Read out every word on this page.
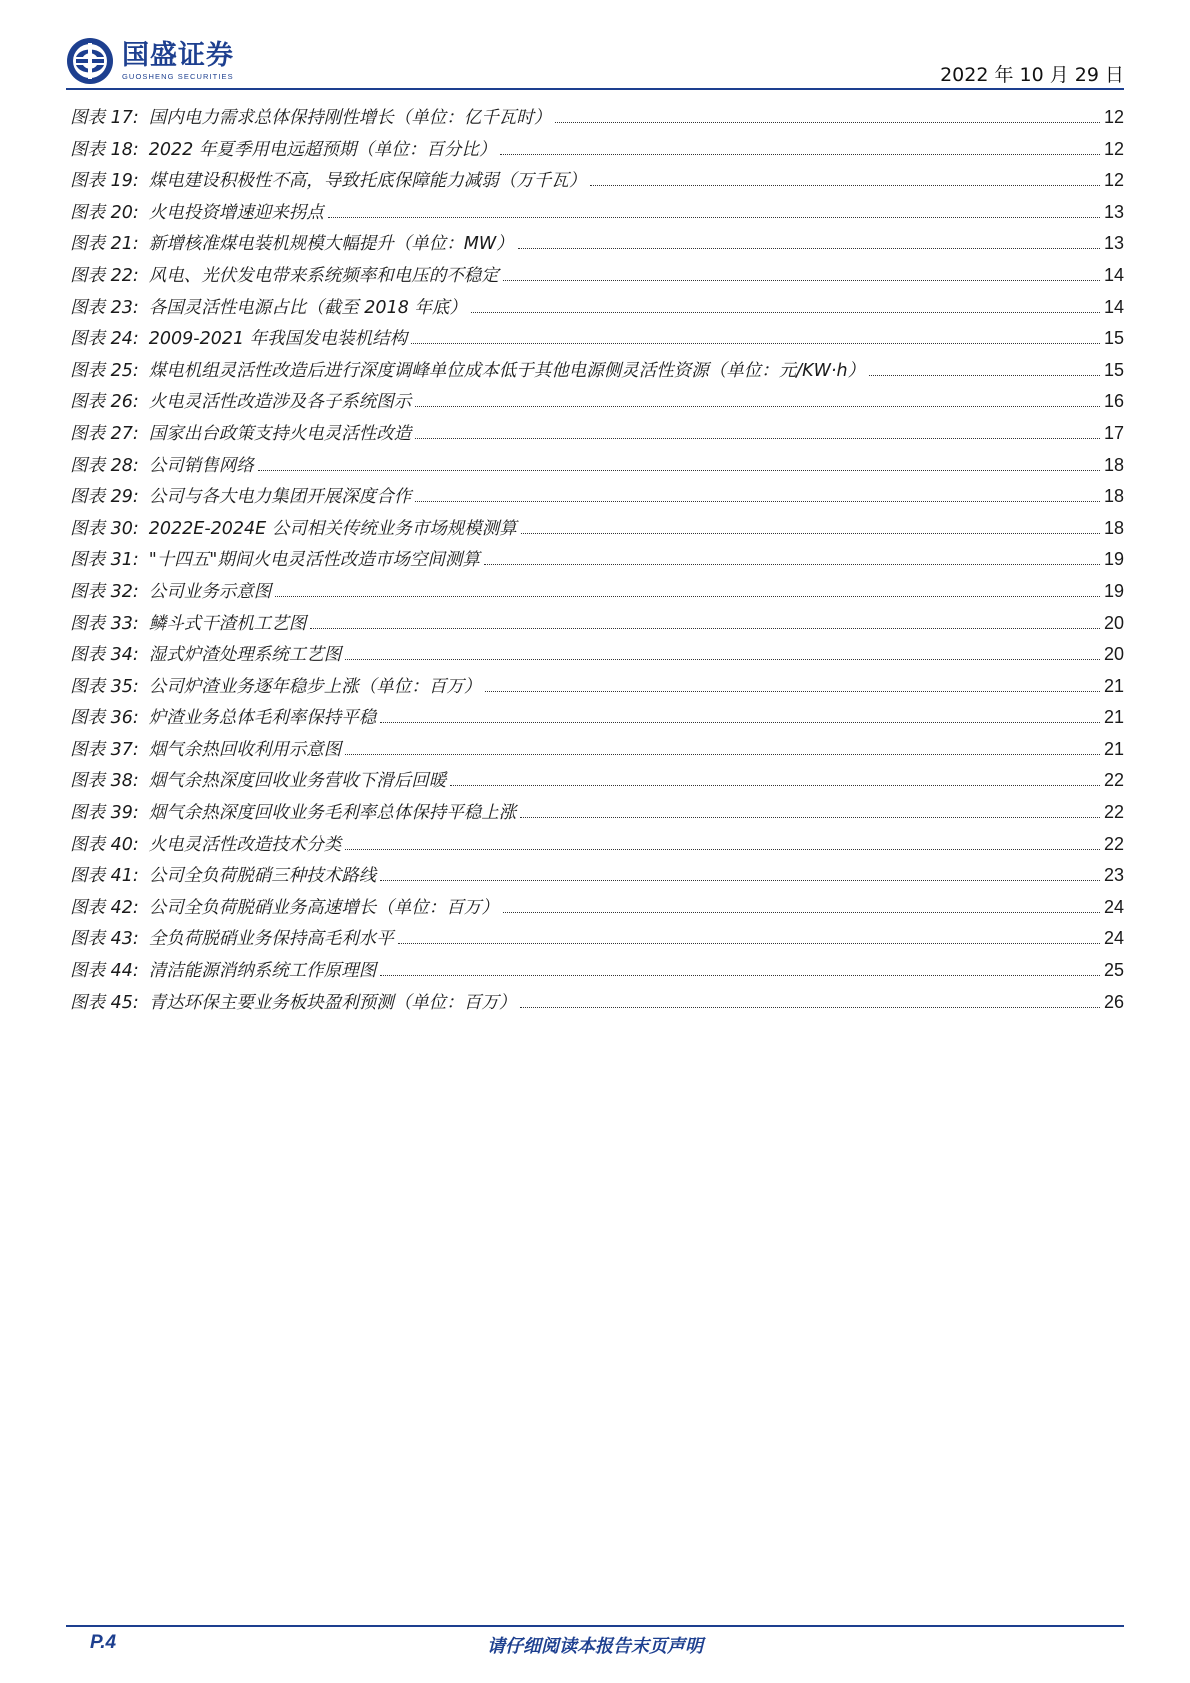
国盛证券
GUOSHENG SECURITIES	2022 年 10 月 29 日
图表 17: 国内电力需求总体保持刚性增长（单位：亿千瓦时）	12
图表 18: 2022 年夏季用电远超预期（单位：百分比）	12
图表 19: 煤电建设积极性不高，导致托底保障能力减弱（万千瓦）	12
图表 20: 火电投资增速迎来拐点	13
图表 21: 新增核准煤电装机规模大幅提升（单位：MW）	13
图表 22: 风电、光伏发电带来系统频率和电压的不稳定	14
图表 23: 各国灵活性电源占比（截至 2018 年底）	14
图表 24: 2009-2021 年我国发电装机结构	15
图表 25: 煤电机组灵活性改造后进行深度调峰单位成本低于其他电源侧灵活性资源（单位：元/KW·h）	15
图表 26: 火电灵活性改造涉及各子系统图示	16
图表 27: 国家出台政策支持火电灵活性改造	17
图表 28: 公司销售网络	18
图表 29: 公司与各大电力集团开展深度合作	18
图表 30: 2022E-2024E 公司相关传统业务市场规模测算	18
图表 31: "十四五"期间火电灵活性改造市场空间测算	19
图表 32: 公司业务示意图	19
图表 33: 鳞斗式干渣机工艺图	20
图表 34: 湿式炉渣处理系统工艺图	20
图表 35: 公司炉渣业务逐年稳步上涨（单位：百万）	21
图表 36: 炉渣业务总体毛利率保持平稳	21
图表 37: 烟气余热回收利用示意图	21
图表 38: 烟气余热深度回收业务营收下滑后回暖	22
图表 39: 烟气余热深度回收业务毛利率总体保持平稳上涨	22
图表 40: 火电灵活性改造技术分类	22
图表 41: 公司全负荷脱硝三种技术路线	23
图表 42: 公司全负荷脱硝业务高速增长（单位：百万）	24
图表 43: 全负荷脱硝业务保持高毛利水平	24
图表 44: 清洁能源消纳系统工作原理图	25
图表 45: 青达环保主要业务板块盈利预测（单位：百万）	26
P.4	请仔细阅读本报告末页声明
